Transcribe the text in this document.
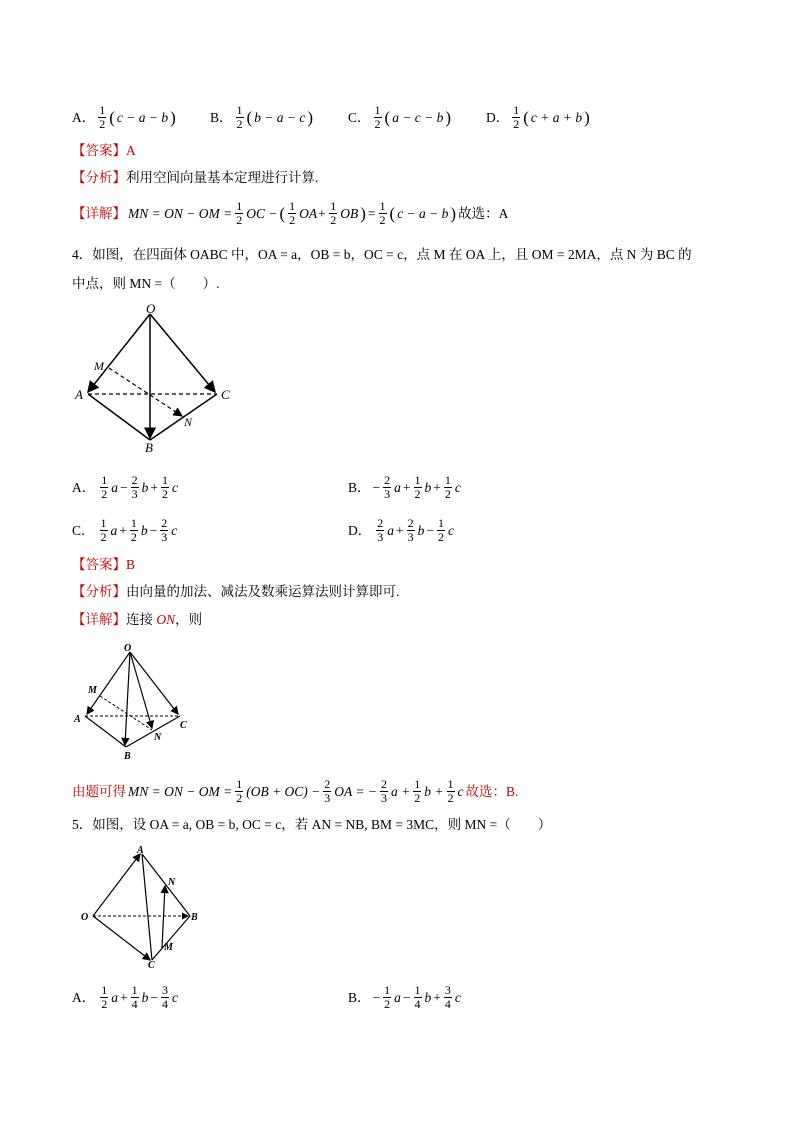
A． $\frac{1}{2}$ ( c − a − b )	B． $\frac{1}{2}$ ( b − a − c )	C． $\frac{1}{2}$ ( a − c − b )	D． $\frac{1}{2}$ ( c + a + b )
【答案】A
【分析】利用空间向量基本定理进行计算.
【详解】 MN = ON − OM = $\frac{1}{2}$ OC − ( $\frac{1}{2} OA+ \frac{1}{2}$ OB ) = $\frac{1}{2}$ ( c − a − b ) 故选：A
4．如图，在四面体 OABC 中，OA = a，OB = b，OC = c，点 M 在 OA 上，且 OM = 2MA，点 N 为 BC 的
中点，则 MN =（　　）.
O
M
A	C
N
B
A． $\frac{1}{2}$ $a - \frac{2}{3}$ $b + \frac{1}{2}$ c	B． − $\frac{2}{3}$ $a + \frac{1}{2}$ $b + \frac{1}{2}$ c
C． $\frac{1}{2}$ $a + \frac{1}{2}$ $b - \frac{2}{3}$ c	D． $\frac{2}{3}$ $a + \frac{2}{3}$ $b - \frac{1}{2}$ c
【答案】B
【分析】由向量的加法、减法及数乘运算法则计算即可.
【详解】连接 ON，则
O
M
A
C
N
B
由题可得 MN = ON − OM = $\frac{1}{2} (OB + OC) - \frac{2}{3}$ OA = − $\frac{2}{3}$ $a + \frac{1}{2}$ $b + \frac{1}{2}$ c 故选：B.
5．如图，设 OA = a, OB = b, OC = c，若 AN = NB, BM = 3MC，则 MN =（　　）
A
N
O	B
M
C
A． $\frac{1}{2}$ $a + \frac{1}{4}$ $b - \frac{3}{4}$ c	B． − $\frac{1}{2}$ $a - \frac{1}{4}$ $b + \frac{3}{4}$ c
